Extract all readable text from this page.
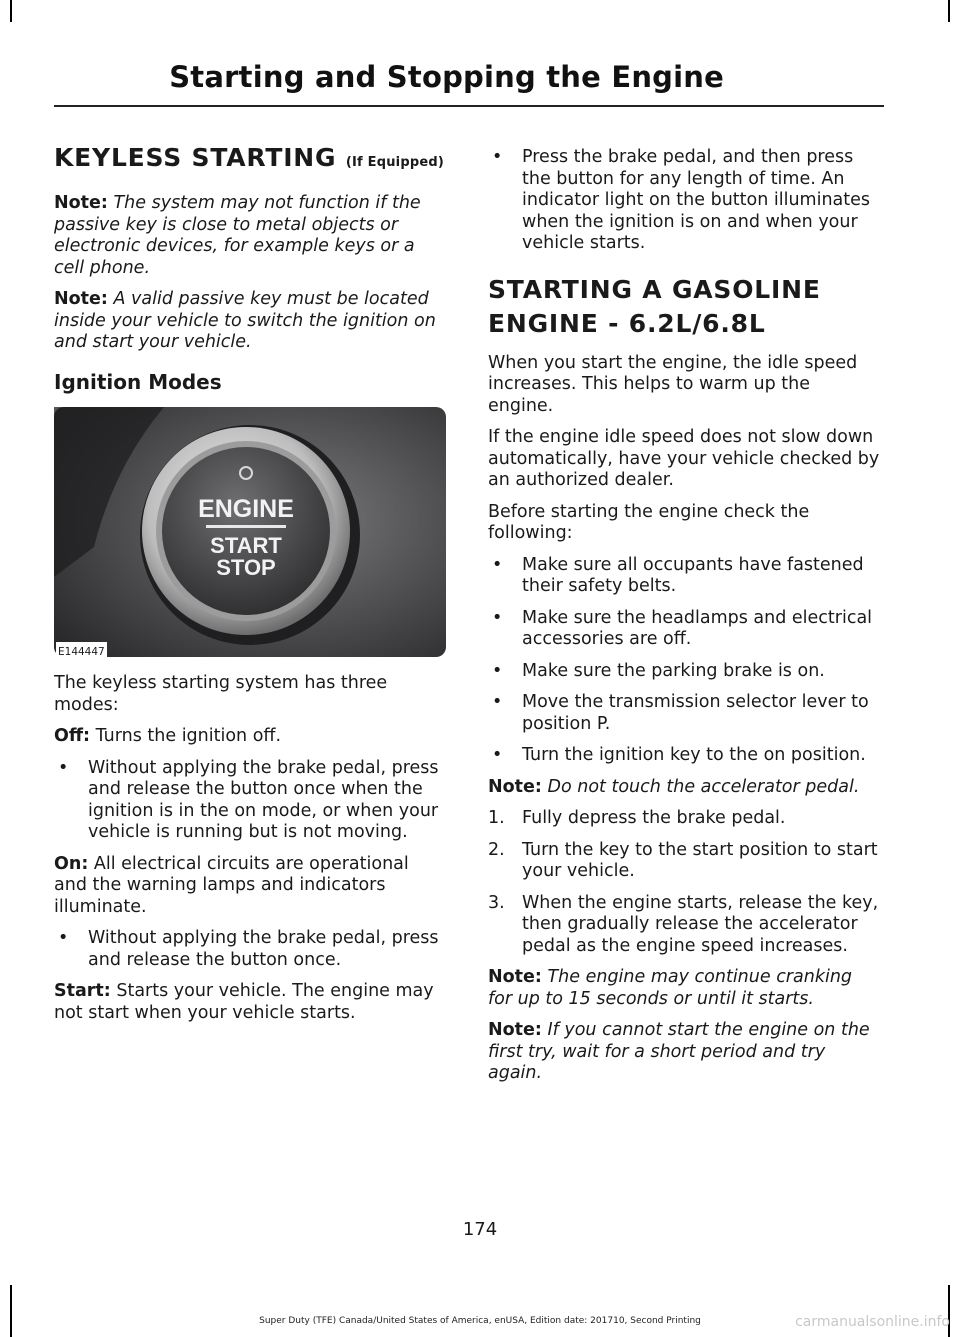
Starting and Stopping the Engine
KEYLESS STARTING (If Equipped)

Note: The system may not function if the passive key is close to metal objects or electronic devices, for example keys or a cell phone.

Note: A valid passive key must be located inside your vehicle to switch the ignition on and start your vehicle.

Ignition Modes
ENGINE
START
STOP
E144447

The keyless starting system has three modes:

Off: Turns the ignition off.

• Without applying the brake pedal, press and release the button once when the ignition is in the on mode, or when your vehicle is running but is not moving.

On: All electrical circuits are operational and the warning lamps and indicators illuminate.

• Without applying the brake pedal, press and release the button once.

Start: Starts your vehicle. The engine may not start when your vehicle starts.

• Press the brake pedal, and then press the button for any length of time. An indicator light on the button illuminates when the ignition is on and when your vehicle starts.
STARTING A GASOLINE
ENGINE - 6.2L/6.8L

When you start the engine, the idle speed increases. This helps to warm up the engine.

If the engine idle speed does not slow down automatically, have your vehicle checked by an authorized dealer.

Before starting the engine check the following:

• Make sure all occupants have fastened their safety belts.
• Make sure the headlamps and electrical accessories are off.
• Make sure the parking brake is on.
• Move the transmission selector lever to position P.
• Turn the ignition key to the on position.

Note: Do not touch the accelerator pedal.

1. Fully depress the brake pedal.
2. Turn the key to the start position to start your vehicle.
3. When the engine starts, release the key, then gradually release the accelerator pedal as the engine speed increases.

Note: The engine may continue cranking for up to 15 seconds or until it starts.

Note: If you cannot start the engine on the first try, wait for a short period and try again.

174
Super Duty (TFE) Canada/United States of America, enUSA, Edition date: 201710, Second Printing	carmanualsonline.info
